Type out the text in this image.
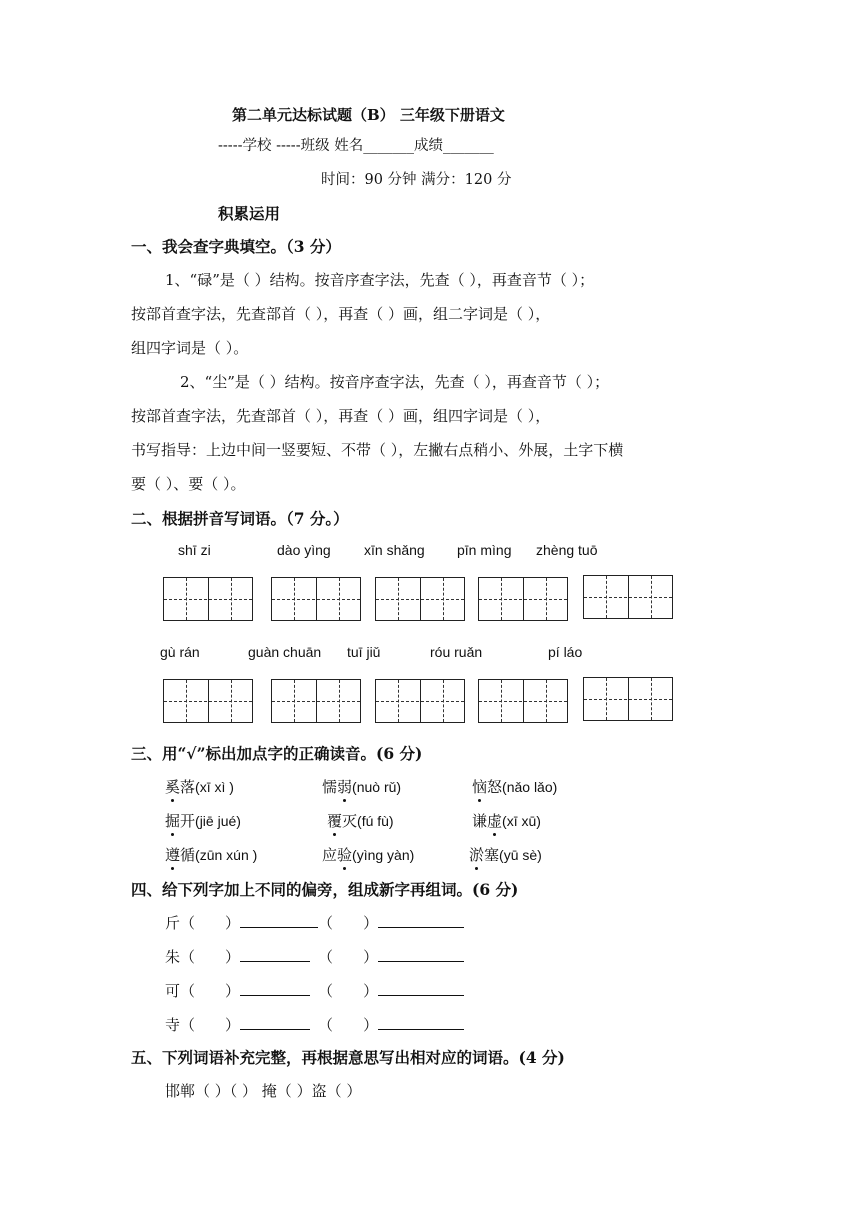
第二单元达标试题（B） 三年级下册语文
-----学校 -----班级 姓名_______成绩_______
时间：90 分钟 满分：120 分
积累运用
一、我会查字典填空。（3 分）
1、“碌”是（ ）结构。按音序查字法，先查（ ），再查音节（ ）；
按部首查字法，先查部首（ ），再查（ ）画，组二字词是（ ），
组四字词是（ ）。
2、“尘”是（ ）结构。按音序查字法，先查（ ），再查音节（ ）；
按部首查字法，先查部首（ ），再查（ ）画，组四字词是（ ），
书写指导：上边中间一竖要短、不带（ ），左撇右点稍小、外展，土字下横
要（ ）、要（ ）。
二、根据拼音写词语。（7 分。）
shī zi	dào yìng xīn shǎng pīn mìng zhèng tuō
gù rán	guàn chuān tuī jiǔ	róu ruǎn	pí láo
三、用“√”标出加点字的正确读音。(6 分)
奚落(xī xì )	懦弱(nuò rǔ)	恼怒(nǎo lǎo)
掘开(jiē jué)	覆灭(fú fù)	谦虚(xī xū)
遵循(zūn xún )	应验(yìng yàn)	淤塞(yū sè)
四、给下列字加上不同的偏旁，组成新字再组词。(6 分)
斤（ ）	（ ）
朱（ ）	（ ）
可（ ）	（ ）
寺（ ）	（ ）
五、下列词语补充完整，再根据意思写出相对应的词语。(4 分)
邯郸（ ）（ ） 掩（ ）盗（ ）
